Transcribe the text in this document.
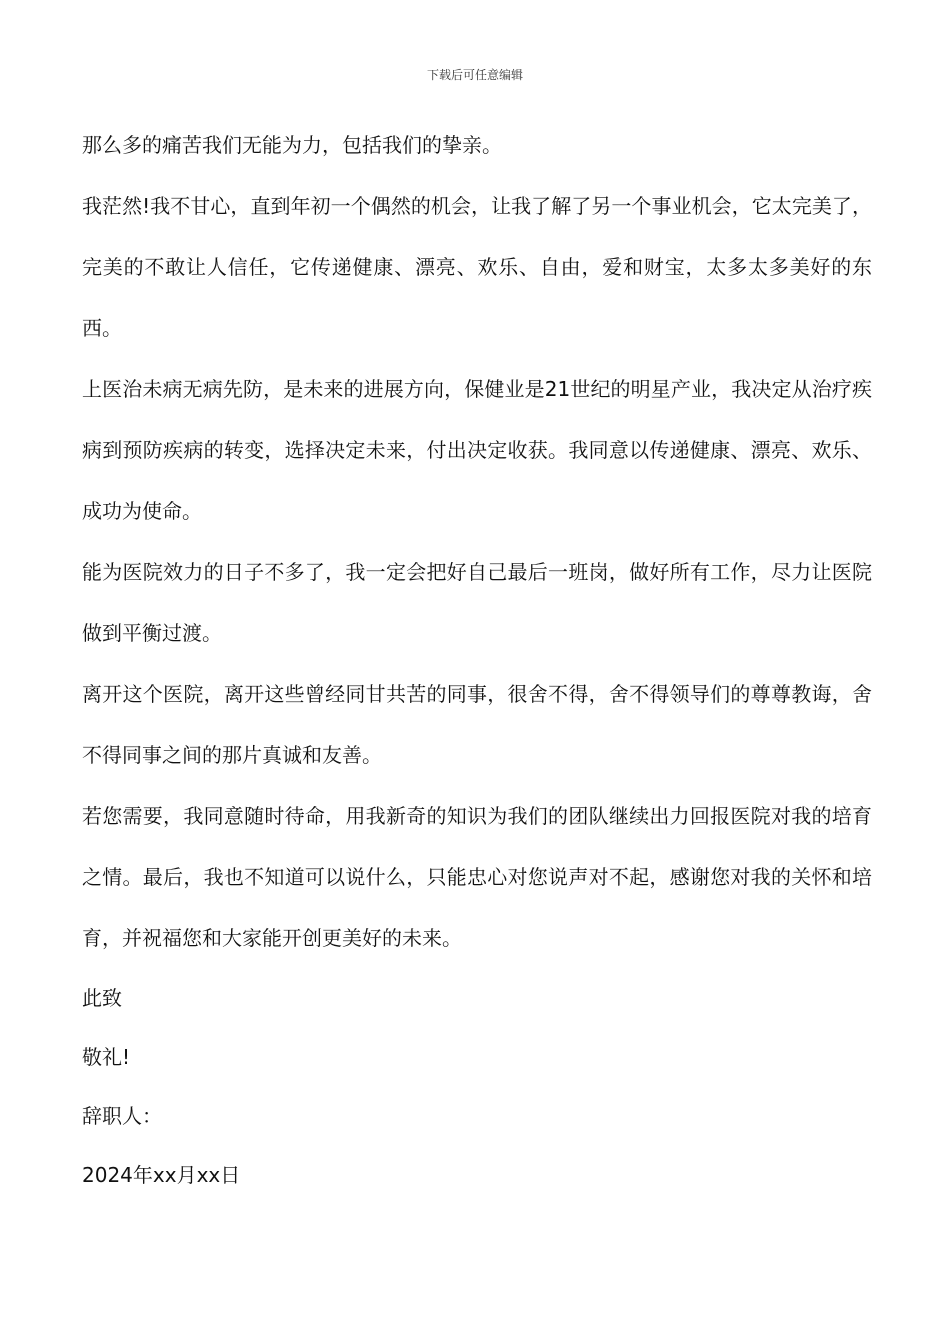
下载后可任意编辑

那么多的痛苦我们无能为力，包括我们的挚亲。

我茫然!我不甘心，直到年初一个偶然的机会，让我了解了另一个事业机会，它太完美了，完美的不敢让人信任，它传递健康、漂亮、欢乐、自由，爱和财宝，太多太多美好的东西。

上医治未病无病先防，是未来的进展方向，保健业是21世纪的明星产业，我决定从治疗疾病到预防疾病的转变，选择决定未来，付出决定收获。我同意以传递健康、漂亮、欢乐、成功为使命。

能为医院效力的日子不多了，我一定会把好自己最后一班岗，做好所有工作，尽力让医院做到平衡过渡。

离开这个医院，离开这些曾经同甘共苦的同事，很舍不得，舍不得领导们的尊尊教诲，舍不得同事之间的那片真诚和友善。

若您需要，我同意随时待命，用我新奇的知识为我们的团队继续出力回报医院对我的培育之情。最后，我也不知道可以说什么，只能忠心对您说声对不起，感谢您对我的关怀和培育，并祝福您和大家能开创更美好的未来。

此致

敬礼!

辞职人：

2024年xx月xx日
